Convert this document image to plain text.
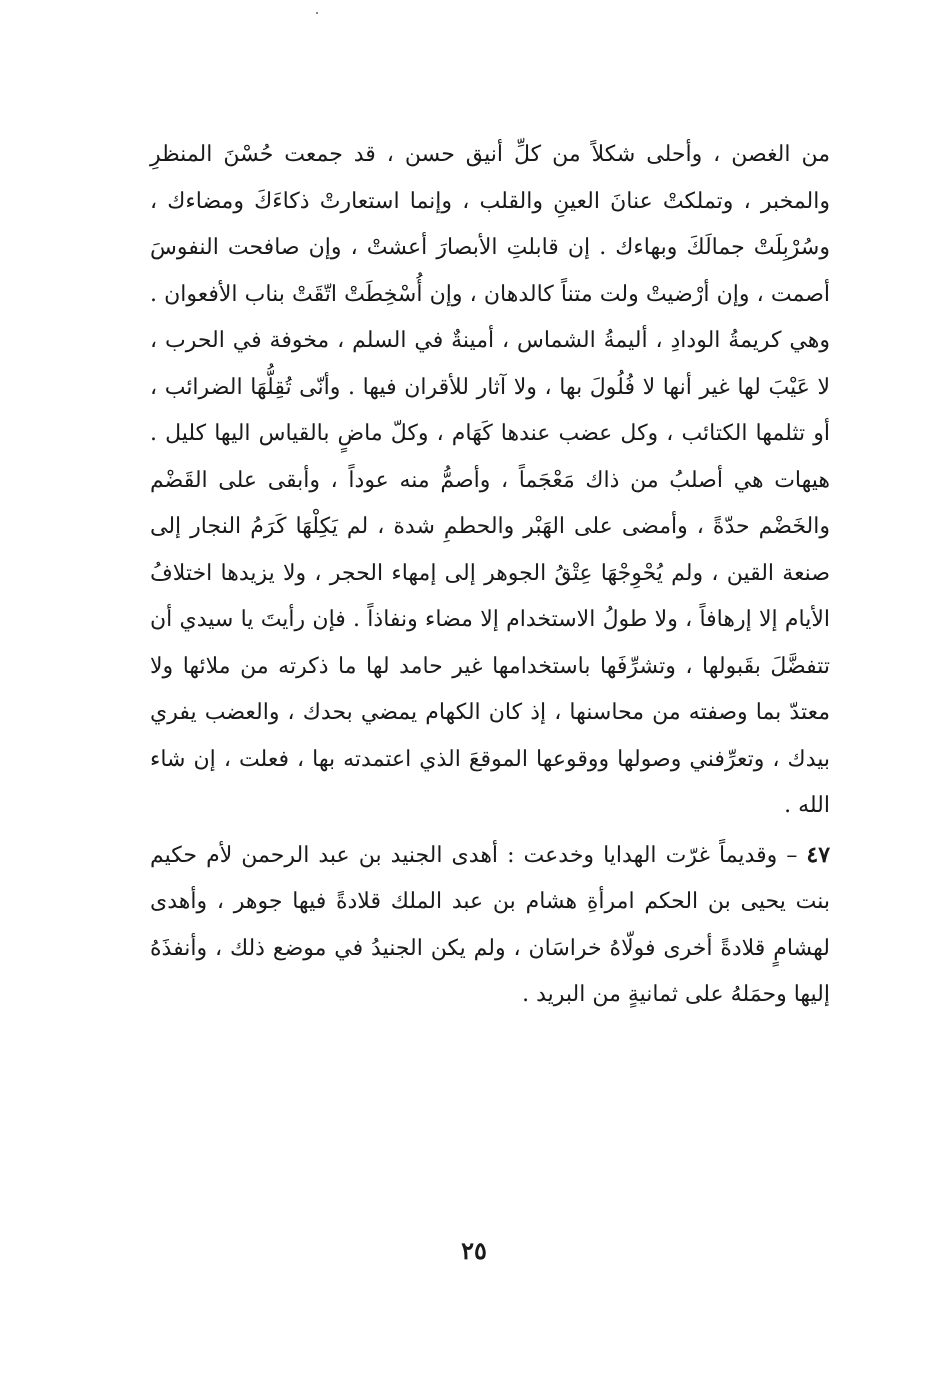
من الغصن ، وأحلى شكلاً من كلِّ أنيق حسن ، قد جمعت حُسْنَ المنظرِ والمخبر ، وتملكتْ عنانَ العينِ والقلب ، وإنما استعارتْ ذكاءَكَ ومضاءك ، وسُرْبِلَتْ جمالَكَ وبهاءك . إن قابلتِ الأبصارَ أعشتْ ، وإن صافحت النفوسَ أصمت ، وإن أرْضيتْ ولت متناً كالدهان ، وإن أُسْخِطَتْ اتّقَتْ بناب الأفعوان . وهي كريمةُ الودادِ ، أليمةُ الشماس ، أمينةٌ في السلم ، مخوفة في الحرب ، لا عَيْبَ لها غير أنها لا فُلُولَ بها ، ولا آثار للأقران فيها . وأنّى تُقِلُّهَا الضرائب ، أو تثلمها الكتائب ، وكل عضب عندها كَهَام ، وكلّ ماضٍ بالقياس اليها كليل . هيهات هي أصلبُ من ذاك مَعْجَماً ، وأصمُّ منه عوداً ، وأبقى على القَضْم والخَضْم حدّةً ، وأمضى على الهَبْر والحطمِ شدة ، لم يَكِلْهَا كَرَمُ النجار إلى صنعة القين ، ولم يُحْوِجْهَا عِتْقُ الجوهر إلى إمهاء الحجر ، ولا يزيدها اختلافُ الأيام إلا إرهافاً ، ولا طولُ الاستخدام إلا مضاء ونفاذاً . فإن رأيتَ يا سيدي أن تتفضَّلَ بقَبولها ، وتشرِّفَها باستخدامها غير حامد لها ما ذكرته من ملائها ولا معتدّ بما وصفته من محاسنها ، إذ كان الكهام يمضي بحدك ، والعضب يفري بيدك ، وتعرِّفني وصولها ووقوعها الموقعَ الذي اعتمدته بها ، فعلت ، إن شاء الله .

٤٧ – وقديماً غرّت الهدايا وخدعت : أهدى الجنيد بن عبد الرحمن لأم حكيم بنت يحيى بن الحكم امرأةِ هشام بن عبد الملك قلادةً فيها جوهر ، وأهدى لهشامٍ قلادةً أخرى فولّاهُ خراسَان ، ولم يكن الجنيدُ في موضع ذلك ، وأنفذَهُ إليها وحمَلهُ على ثمانيةٍ من البريد .

٢٥
